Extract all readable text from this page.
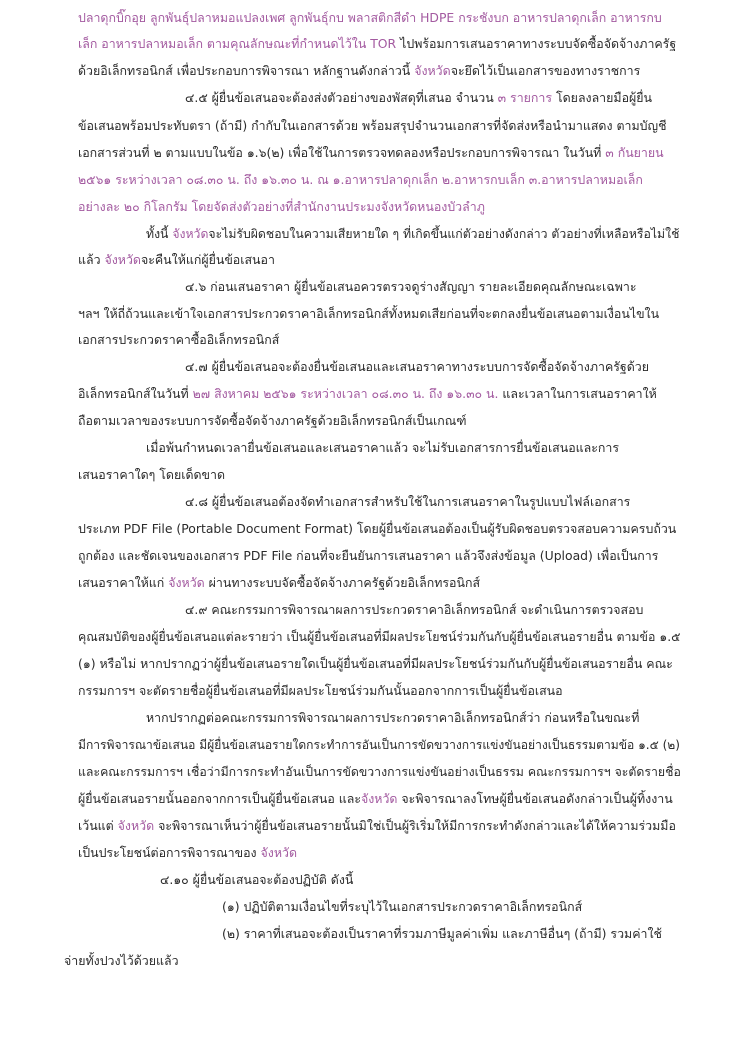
ปลาดุกบิ๊กอุย ลูกพันธุ์ปลาหมอแปลงเพศ ลูกพันธุ์กบ พลาสติกสีดำ HDPE กระชังบก อาหารปลาดุกเล็ก อาหารกบ
เล็ก อาหารปลาหมอเล็ก ตามคุณลักษณะที่กำหนดไว้ใน TOR ไปพร้อมการเสนอราคาทางระบบจัดซื้อจัดจ้างภาครัฐ
ด้วยอิเล็กทรอนิกส์ เพื่อประกอบการพิจารณา หลักฐานดังกล่าวนี้ จังหวัดจะยึดไว้เป็นเอกสารของทางราชการ
๔.๕ ผู้ยื่นข้อเสนอจะต้องส่งตัวอย่างของพัสดุที่เสนอ จำนวน ๓ รายการ โดยลงลายมือผู้ยื่น
ข้อเสนอพร้อมประทับตรา (ถ้ามี) กำกับในเอกสารด้วย พร้อมสรุปจำนวนเอกสารที่จัดส่งหรือนำมาแสดง ตามบัญชี
เอกสารส่วนที่ ๒ ตามแบบในข้อ ๑.๖(๒) เพื่อใช้ในการตรวจทดลองหรือประกอบการพิจารณา ในวันที่ ๓ กันยายน
๒๕๖๑ ระหว่างเวลา ๐๘.๓๐ น. ถึง ๑๖.๓๐ น. ณ ๑.อาหารปลาดุกเล็ก ๒.อาหารกบเล็ก ๓.อาหารปลาหมอเล็ก
อย่างละ ๒๐ กิโลกรัม โดยจัดส่งตัวอย่างที่สำนักงานประมงจังหวัดหนองบัวลำภู
ทั้งนี้ จังหวัดจะไม่รับผิดชอบในความเสียหายใด ๆ ที่เกิดขึ้นแก่ตัวอย่างดังกล่าว ตัวอย่างที่เหลือหรือไม่ใช้
แล้ว จังหวัดจะคืนให้แก่ผู้ยื่นข้อเสนอา
๔.๖ ก่อนเสนอราคา ผู้ยื่นข้อเสนอควรตรวจดูร่างสัญญา รายละเอียดคุณลักษณะเฉพาะ
ฯลฯ ให้ถี่ถ้วนและเข้าใจเอกสารประกวดราคาอิเล็กทรอนิกส์ทั้งหมดเสียก่อนที่จะตกลงยื่นข้อเสนอตามเงื่อนไขใน
เอกสารประกวดราคาซื้ออิเล็กทรอนิกส์
๔.๗ ผู้ยื่นข้อเสนอจะต้องยื่นข้อเสนอและเสนอราคาทางระบบการจัดซื้อจัดจ้างภาครัฐด้วย
อิเล็กทรอนิกส์ในวันที่ ๒๗ สิงหาคม ๒๕๖๑ ระหว่างเวลา ๐๘.๓๐ น. ถึง ๑๖.๓๐ น. และเวลาในการเสนอราคาให้
ถือตามเวลาของระบบการจัดซื้อจัดจ้างภาครัฐด้วยอิเล็กทรอนิกส์เป็นเกณฑ์
เมื่อพ้นกำหนดเวลายื่นข้อเสนอและเสนอราคาแล้ว จะไม่รับเอกสารการยื่นข้อเสนอและการ
เสนอราคาใดๆ โดยเด็ดขาด
๔.๘ ผู้ยื่นข้อเสนอต้องจัดทำเอกสารสำหรับใช้ในการเสนอราคาในรูปแบบไฟล์เอกสาร
ประเภท PDF File (Portable Document Format) โดยผู้ยื่นข้อเสนอต้องเป็นผู้รับผิดชอบตรวจสอบความครบถ้วน
ถูกต้อง และชัดเจนของเอกสาร PDF File ก่อนที่จะยืนยันการเสนอราคา แล้วจึงส่งข้อมูล (Upload) เพื่อเป็นการ
เสนอราคาให้แก่ จังหวัด ผ่านทางระบบจัดซื้อจัดจ้างภาครัฐด้วยอิเล็กทรอนิกส์
๔.๙ คณะกรรมการพิจารณาผลการประกวดราคาอิเล็กทรอนิกส์ จะดำเนินการตรวจสอบ
คุณสมบัติของผู้ยื่นข้อเสนอแต่ละรายว่า เป็นผู้ยื่นข้อเสนอที่มีผลประโยชน์ร่วมกันกับผู้ยื่นข้อเสนอรายอื่น ตามข้อ ๑.๕
(๑) หรือไม่ หากปรากฏว่าผู้ยื่นข้อเสนอรายใดเป็นผู้ยื่นข้อเสนอที่มีผลประโยชน์ร่วมกันกับผู้ยื่นข้อเสนอรายอื่น คณะ
กรรมการฯ จะตัดรายชื่อผู้ยื่นข้อเสนอที่มีผลประโยชน์ร่วมกันนั้นออกจากการเป็นผู้ยื่นข้อเสนอ
หากปรากฏต่อคณะกรรมการพิจารณาผลการประกวดราคาอิเล็กทรอนิกส์ว่า ก่อนหรือในขณะที่
มีการพิจารณาข้อเสนอ มีผู้ยื่นข้อเสนอรายใดกระทำการอันเป็นการขัดขวางการแข่งขันอย่างเป็นธรรมตามข้อ ๑.๕ (๒)
และคณะกรรมการฯ เชื่อว่ามีการกระทำอันเป็นการขัดขวางการแข่งขันอย่างเป็นธรรม คณะกรรมการฯ จะตัดรายชื่อ
ผู้ยื่นข้อเสนอรายนั้นออกจากการเป็นผู้ยื่นข้อเสนอ และจังหวัด จะพิจารณาลงโทษผู้ยื่นข้อเสนอดังกล่าวเป็นผู้ทิ้งงาน
เว้นแต่ จังหวัด จะพิจารณาเห็นว่าผู้ยื่นข้อเสนอรายนั้นมิใช่เป็นผู้ริเริ่มให้มีการกระทำดังกล่าวและได้ให้ความร่วมมือ
เป็นประโยชน์ต่อการพิจารณาของ จังหวัด
๔.๑๐ ผู้ยื่นข้อเสนอจะต้องปฏิบัติ ดังนี้
(๑) ปฏิบัติตามเงื่อนไขที่ระบุไว้ในเอกสารประกวดราคาอิเล็กทรอนิกส์
(๒) ราคาที่เสนอจะต้องเป็นราคาที่รวมภาษีมูลค่าเพิ่ม และภาษีอื่นๆ (ถ้ามี) รวมค่าใช้
จ่ายทั้งปวงไว้ด้วยแล้ว
